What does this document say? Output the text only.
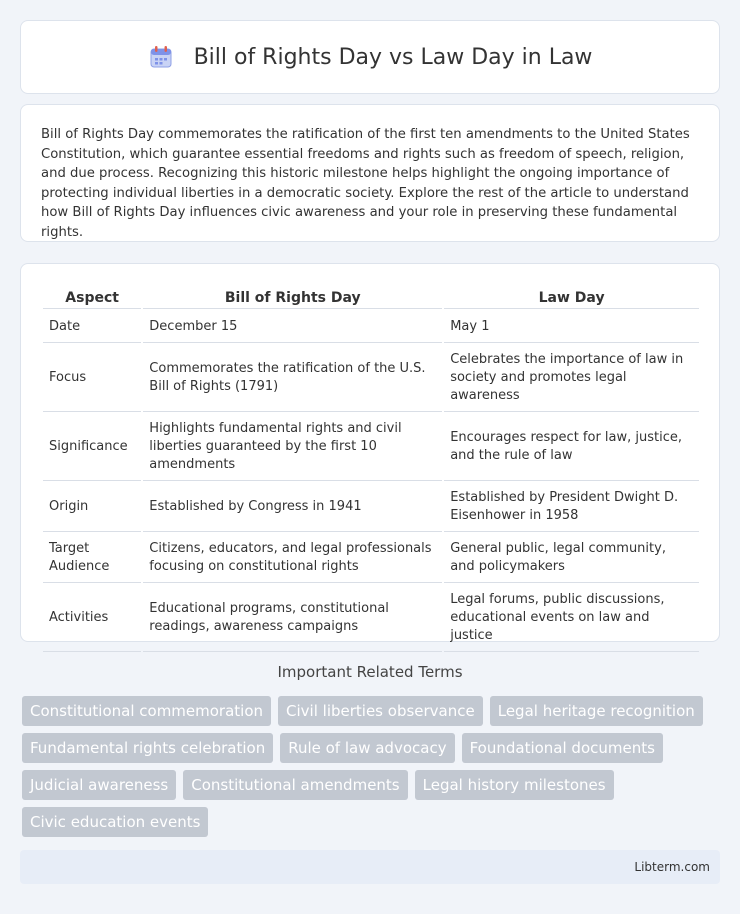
Bill of Rights Day vs Law Day in Law

Bill of Rights Day commemorates the ratification of the first ten amendments to the United States Constitution, which guarantee essential freedoms and rights such as freedom of speech, religion, and due process. Recognizing this historic milestone helps highlight the ongoing importance of protecting individual liberties in a democratic society. Explore the rest of the article to understand how Bill of Rights Day influences civic awareness and your role in preserving these fundamental rights.

Aspect	Bill of Rights Day	Law Day
Date	December 15	May 1
Focus	Commemorates the ratification of the U.S. Bill of Rights (1791)	Celebrates the importance of law in society and promotes legal awareness
Significance	Highlights fundamental rights and civil liberties guaranteed by the first 10 amendments	Encourages respect for law, justice, and the rule of law
Origin	Established by Congress in 1941	Established by President Dwight D. Eisenhower in 1958
Target Audience	Citizens, educators, and legal professionals focusing on constitutional rights	General public, legal community, and policymakers
Activities	Educational programs, constitutional readings, awareness campaigns	Legal forums, public discussions, educational events on law and justice
Important Related Terms
Constitutional commemoration	Civil liberties observance	Legal heritage recognition
Fundamental rights celebration	Rule of law advocacy	Foundational documents
Judicial awareness	Constitutional amendments	Legal history milestones
Civic education events
Libterm.com
